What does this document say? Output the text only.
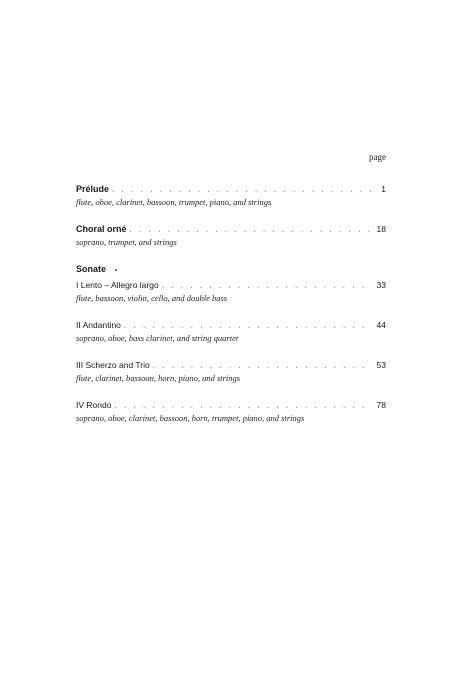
page
Prélude . . .	1
flute, oboe, clarinet, bassoon, trumpet, piano, and strings
Choral orné . . .	18
soprano, trumpet, and strings
Sonate •
I Lento – Allegro largo . . .	33
flute, bassoon, violin, cello, and double bass
II Andantino . . .	44
soprano, oboe, bass clarinet, and string quartet
III Scherzo and Trio . . .	53
flute, clarinet, bassoon, horn, piano, and strings
IV Rondo . . .	78
soprano, oboe, clarinet, bassoon, horn, trumpet, piano, and strings
